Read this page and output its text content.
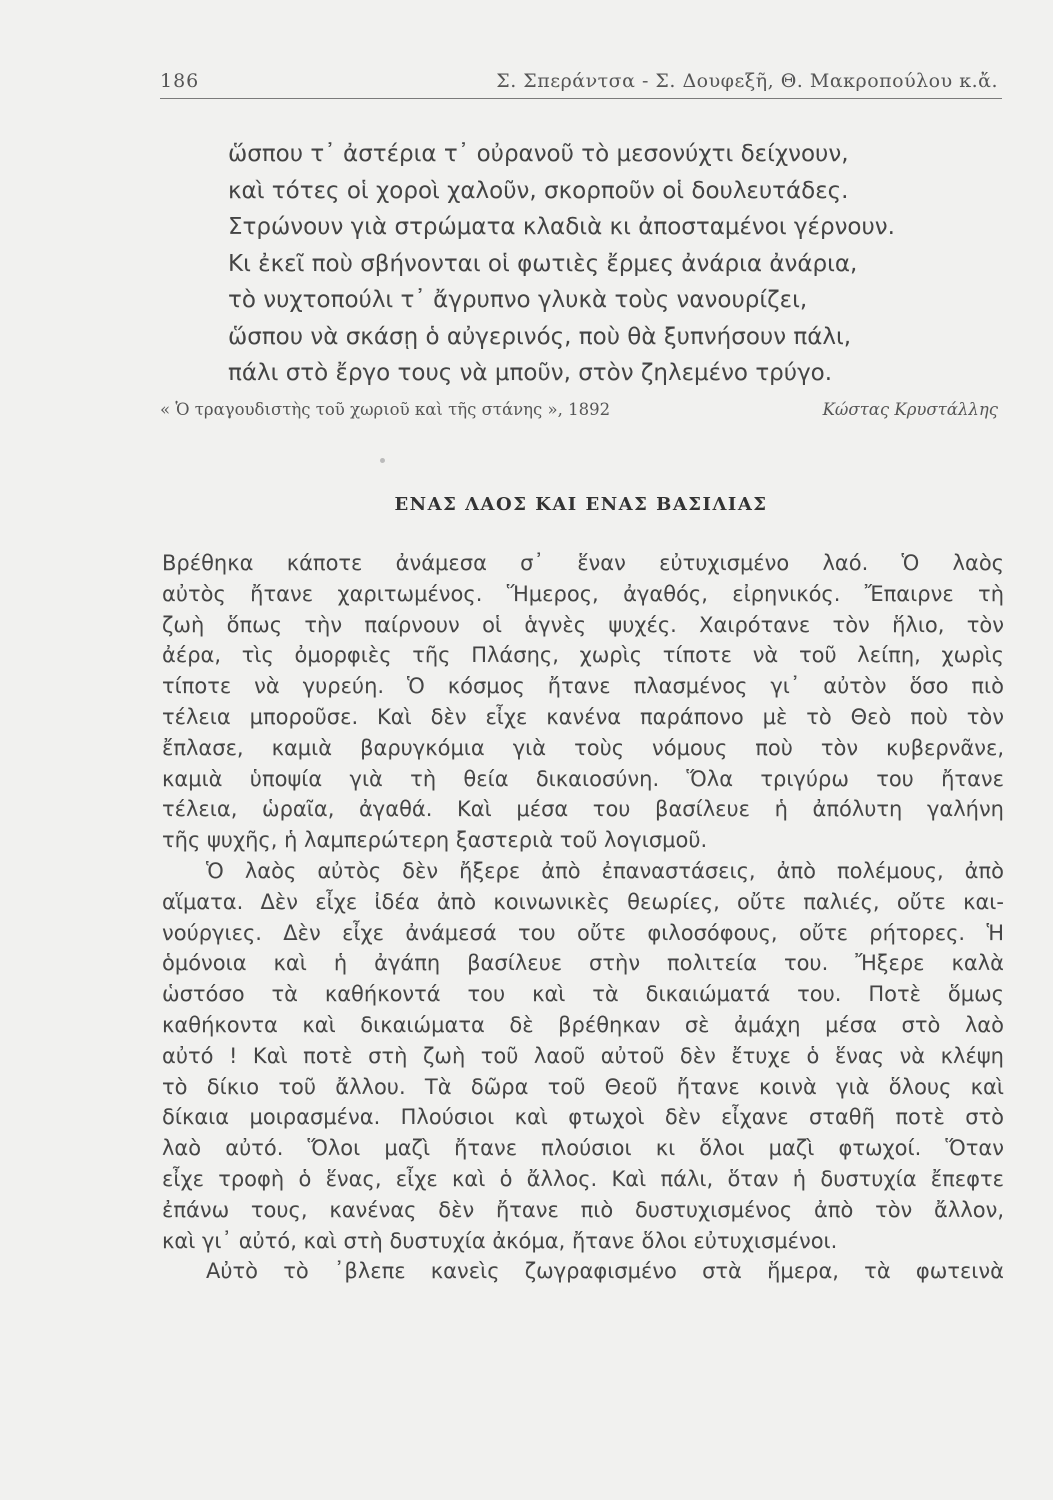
186	Σ. Σπεράντσα - Σ. Δουφεξῆ, Θ. Μακροπούλου κ.ἄ.
ὥσπου τ᾽ ἀστέρια τ᾽ οὐρανοῦ τὸ μεσονύχτι δείχνουν,
καὶ τότες οἱ χοροὶ χαλοῦν, σκορποῦν οἱ δουλευτάδες.
Στρώνουν γιὰ στρώματα κλαδιὰ κι ἀποσταμένοι γέρνουν.
Κι ἐκεῖ ποὺ σβήνονται οἱ φωτιὲς ἔρμες ἀνάρια ἀνάρια,
τὸ νυχτοπούλι τ᾽ ἄγρυπνο γλυκὰ τοὺς νανουρίζει,
ὥσπου νὰ σκάσῃ ὁ αὐγερινός, ποὺ θὰ ξυπνήσουν πάλι,
πάλι στὸ ἔργο τους νὰ μποῦν, στὸν ζηλεμένο τρύγο.
« Ὁ τραγουδιστὴς τοῦ χωριοῦ καὶ τῆς στάνης », 1892	Κώστας Κρυστάλλης
ΕΝΑΣ ΛΑΟΣ ΚΑΙ ΕΝΑΣ ΒΑΣΙΛΙΑΣ
Βρέθηκα κάποτε ἀνάμεσα σ᾽ ἕναν εὐτυχισμένο λαό. Ὁ λαὸς
αὐτὸς ἤτανε χαριτωμένος. Ἥμερος, ἀγαθός, εἰρηνικός. Ἔπαιρνε τὴ
ζωὴ ὅπως τὴν παίρνουν οἱ ἁγνὲς ψυχές. Χαιρότανε τὸν ἥλιο, τὸν
ἀέρα, τὶς ὀμορφιὲς τῆς Πλάσης, χωρὶς τίποτε νὰ τοῦ λείπη, χωρὶς
τίποτε νὰ γυρεύη. Ὁ κόσμος ἤτανε πλασμένος γι᾽ αὐτὸν ὅσο πιὸ
τέλεια μποροῦσε. Καὶ δὲν εἶχε κανένα παράπονο μὲ τὸ Θεὸ ποὺ τὸν
ἔπλασε, καμιὰ βαρυγκόμια γιὰ τοὺς νόμους ποὺ τὸν κυβερνᾶνε,
καμιὰ ὑποψία γιὰ τὴ θεία δικαιοσύνη. Ὅλα τριγύρω του ἤτανε
τέλεια, ὡραῖα, ἀγαθά. Καὶ μέσα του βασίλευε ἡ ἀπόλυτη γαλήνη
τῆς ψυχῆς, ἡ λαμπερώτερη ξαστεριὰ τοῦ λογισμοῦ.
Ὁ λαὸς αὐτὸς δὲν ἤξερε ἀπὸ ἐπαναστάσεις, ἀπὸ πολέμους, ἀπὸ
αἵματα. Δὲν εἶχε ἰδέα ἀπὸ κοινωνικὲς θεωρίες, οὔτε παλιές, οὔτε και-
νούργιες. Δὲν εἶχε ἀνάμεσά του οὔτε φιλοσόφους, οὔτε ρήτορες. Ἡ
ὁμόνοια καὶ ἡ ἀγάπη βασίλευε στὴν πολιτεία του. Ἤξερε καλὰ
ὡστόσο τὰ καθήκοντά του καὶ τὰ δικαιώματά του. Ποτὲ ὅμως
καθήκοντα καὶ δικαιώματα δὲ βρέθηκαν σὲ ἀμάχη μέσα στὸ λαὸ
αὐτό ! Καὶ ποτὲ στὴ ζωὴ τοῦ λαοῦ αὐτοῦ δὲν ἔτυχε ὁ ἕνας νὰ κλέψη
τὸ δίκιο τοῦ ἄλλου. Τὰ δῶρα τοῦ Θεοῦ ἤτανε κοινὰ γιὰ ὅλους καὶ
δίκαια μοιρασμένα. Πλούσιοι καὶ φτωχοὶ δὲν εἶχανε σταθῆ ποτὲ στὸ
λαὸ αὐτό. Ὅλοι μαζὶ ἤτανε πλούσιοι κι ὅλοι μαζὶ φτωχοί. Ὅταν
εἶχε τροφὴ ὁ ἕνας, εἶχε καὶ ὁ ἄλλος. Καὶ πάλι, ὅταν ἡ δυστυχία ἔπεφτε
ἐπάνω τους, κανένας δὲν ἤτανε πιὸ δυστυχισμένος ἀπὸ τὸν ἄλλον,
καὶ γι᾽ αὐτό, καὶ στὴ δυστυχία ἀκόμα, ἤτανε ὅλοι εὐτυχισμένοι.
Αὐτὸ τὸ ᾽βλεπε κανεὶς ζωγραφισμένο στὰ ἥμερα, τὰ φωτεινὰ
